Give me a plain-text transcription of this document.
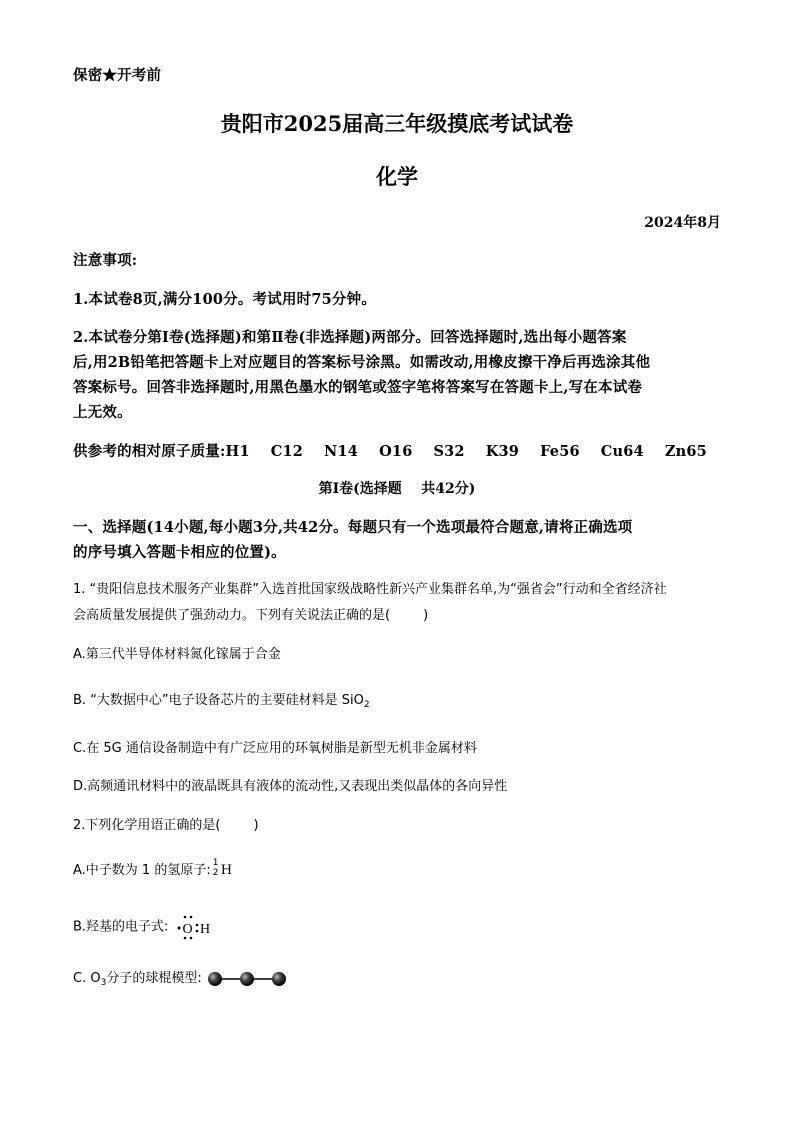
保密★开考前
贵阳市2025届高三年级摸底考试试卷
化学
2024年8月
注意事项:
1.本试卷8页,满分100分。考试用时75分钟。
2.本试卷分第Ⅰ卷(选择题)和第Ⅱ卷(非选择题)两部分。回答选择题时,选出每小题答案
后,用2B铅笔把答题卡上对应题目的答案标号涂黑。如需改动,用橡皮擦干净后再选涂其他
答案标号。回答非选择题时,用黑色墨水的钢笔或签字笔将答案写在答题卡上,写在本试卷
上无效。
供参考的相对原子质量:H1    C12    N14    O16    S32    K39    Fe56    Cu64    Zn65
第Ⅰ卷(选择题    共42分)
一、选择题(14小题,每小题3分,共42分。每题只有一个选项最符合题意,请将正确选项
的序号填入答题卡相应的位置)。
1. “贵阳信息技术服务产业集群”入选首批国家级战略性新兴产业集群名单,为“强省会”行动和全省经济社
会高质量发展提供了强劲动力。下列有关说法正确的是(        )
A.第三代半导体材料氮化镓属于合金
B. “大数据中心”电子设备芯片的主要硅材料是 SiO$_2$
C.在 5G 通信设备制造中有广泛应用的环氧树脂是新型无机非金属材料
D.高频通讯材料中的液晶既具有液体的流动性,又表现出类似晶体的各向异性
2.下列化学用语正确的是(        )
A.中子数为 1 的氢原子: 1
2 H
B.羟基的电子式: O H
C. $O_3$分子的球棍模型:
